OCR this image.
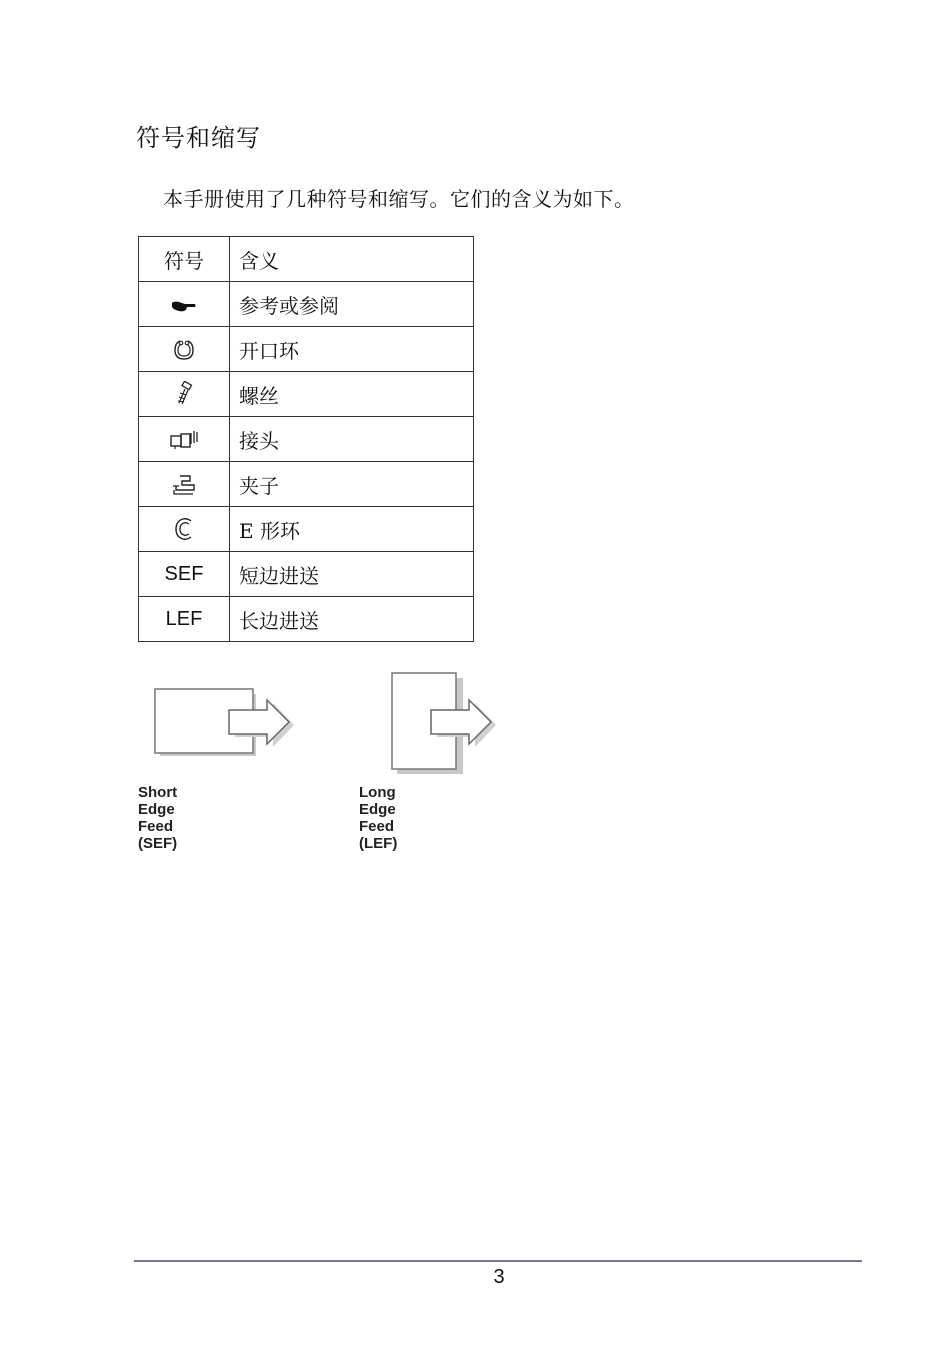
符号和缩写
本手册使用了几种符号和缩写。它们的含义为如下。
符号	含义
	参考或参阅
	开口环
	螺丝
	接头
	夹子
	E 形环
SEF	短边进送
LEF	长边进送
Short Edge Feed (SEF)
Long Edge Feed (LEF)
3
